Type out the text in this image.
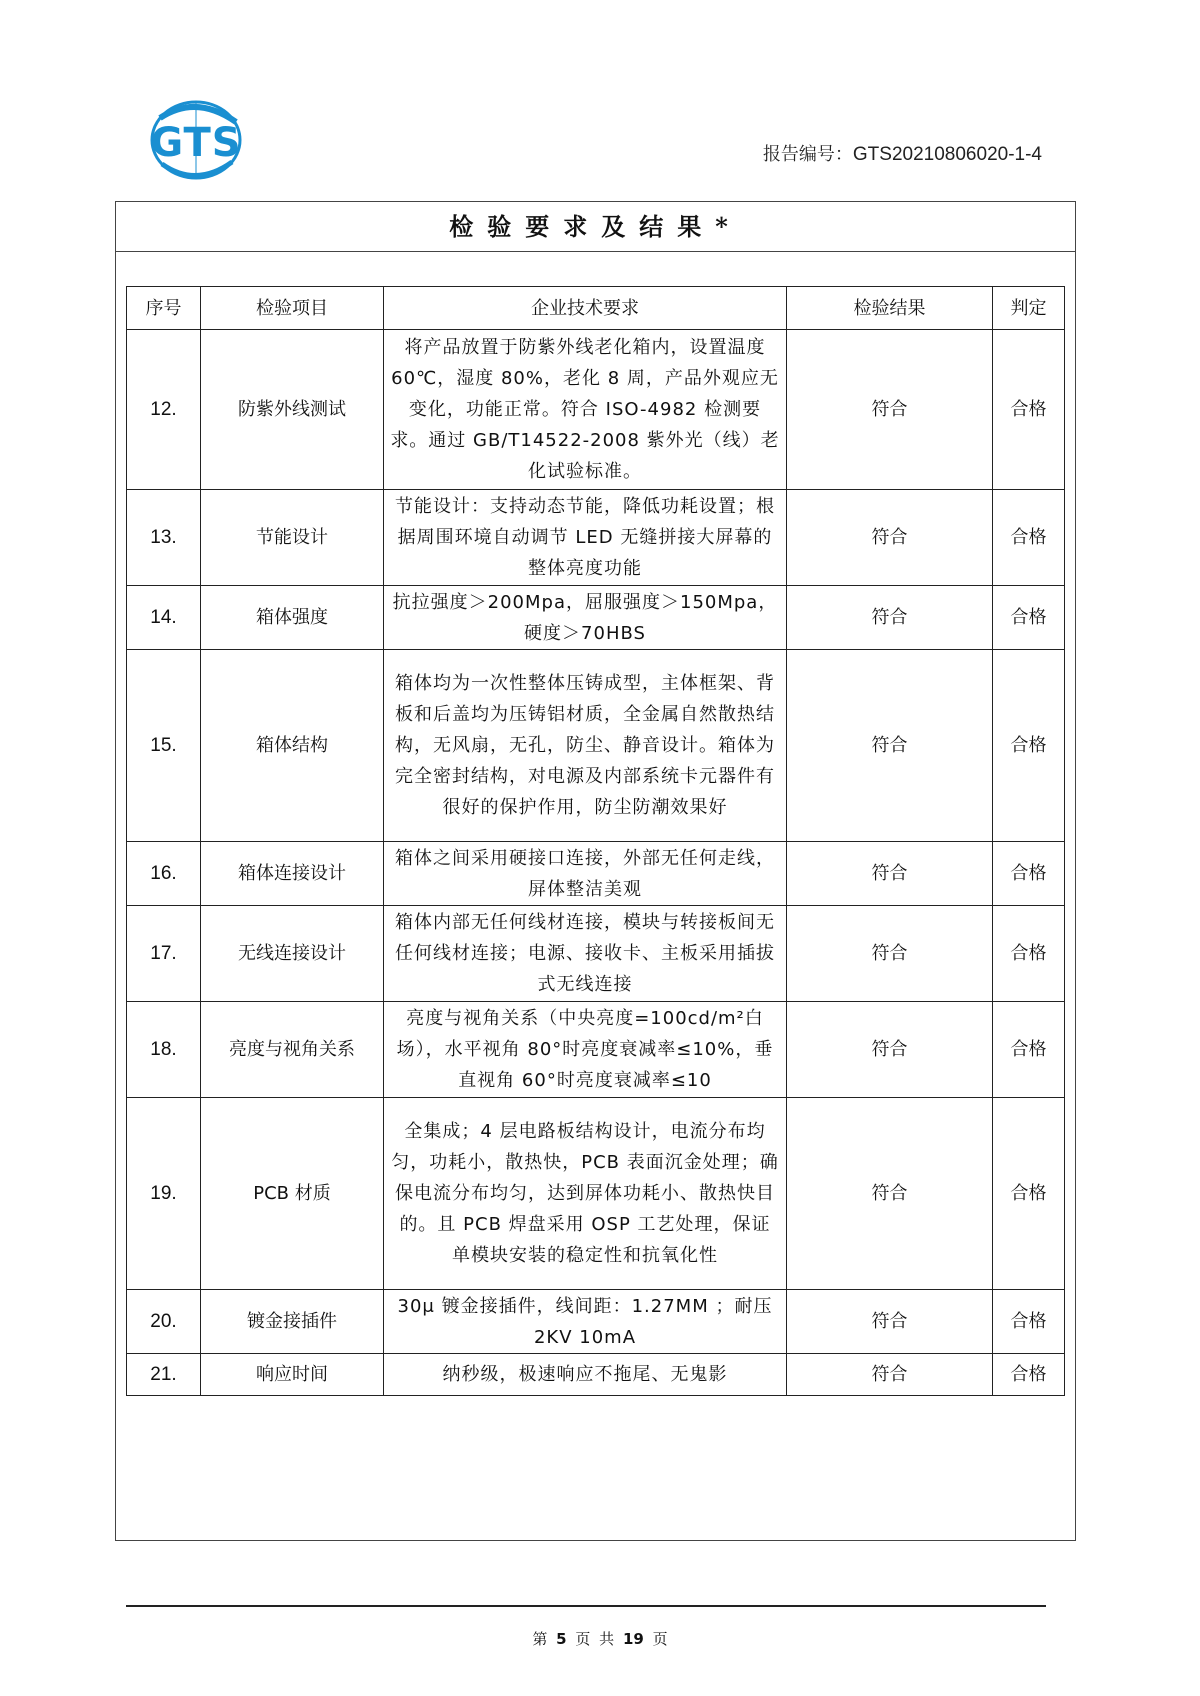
GTS	报告编号：GTS20210806020-1-4
检验要求及结果*
序号	检验项目	企业技术要求	检验结果	判定
12.	防紫外线测试	将产品放置于防紫外线老化箱内，设置温度 60℃，湿度 80%，老化 8 周，产品外观应无变化，功能正常。符合 ISO-4982 检测要求。通过 GB/T14522-2008 紫外光（线）老化试验标准。	符合	合格
13.	节能设计	节能设计：支持动态节能，降低功耗设置；根据周围环境自动调节 LED 无缝拼接大屏幕的整体亮度功能	符合	合格
14.	箱体强度	抗拉强度＞200Mpa，屈服强度＞150Mpa，硬度＞70HBS	符合	合格
15.	箱体结构	箱体均为一次性整体压铸成型，主体框架、背板和后盖均为压铸铝材质，全金属自然散热结构，无风扇，无孔，防尘、静音设计。箱体为完全密封结构，对电源及内部系统卡元器件有很好的保护作用，防尘防潮效果好	符合	合格
16.	箱体连接设计	箱体之间采用硬接口连接，外部无任何走线，屏体整洁美观	符合	合格
17.	无线连接设计	箱体内部无任何线材连接，模块与转接板间无任何线材连接；电源、接收卡、主板采用插拔式无线连接	符合	合格
18.	亮度与视角关系	亮度与视角关系（中央亮度=100cd/m²白场），水平视角 80°时亮度衰减率≤10%，垂直视角 60°时亮度衰减率≤10	符合	合格
19.	PCB 材质	全集成；4 层电路板结构设计，电流分布均匀，功耗小，散热快，PCB 表面沉金处理；确保电流分布均匀，达到屏体功耗小、散热快目的。且 PCB 焊盘采用 OSP 工艺处理，保证单模块安装的稳定性和抗氧化性	符合	合格
20.	镀金接插件	30μ 镀金接插件，线间距：1.27MM ；耐压 2KV 10mA	符合	合格
21.	响应时间	纳秒级，极速响应不拖尾、无鬼影	符合	合格
第 5 页 共 19 页
